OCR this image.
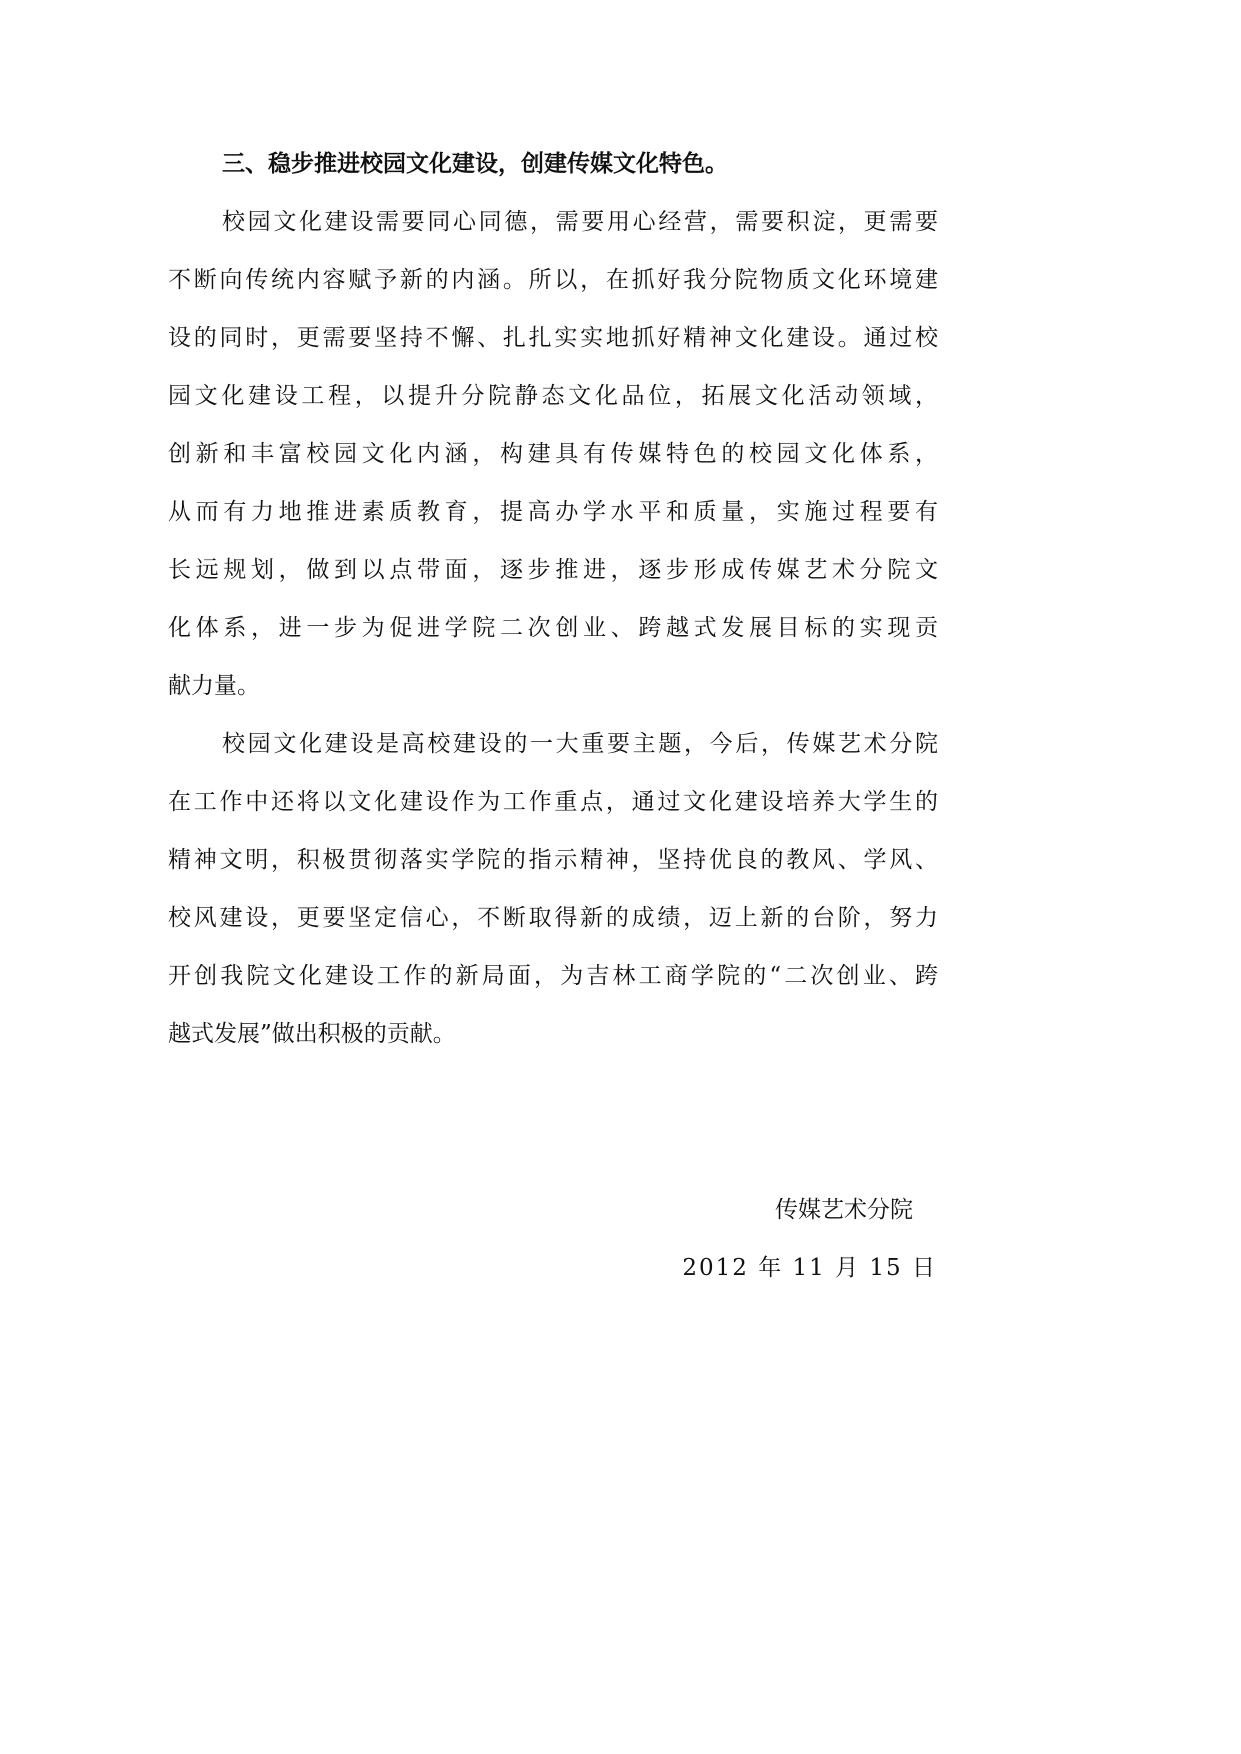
三、稳步推进校园文化建设，创建传媒文化特色。
校园文化建设需要同心同德，需要用心经营，需要积淀，更需要
不断向传统内容赋予新的内涵。所以，在抓好我分院物质文化环境建
设的同时，更需要坚持不懈、扎扎实实地抓好精神文化建设。通过校
园文化建设工程，以提升分院静态文化品位，拓展文化活动领域，
创新和丰富校园文化内涵，构建具有传媒特色的校园文化体系，
从而有力地推进素质教育，提高办学水平和质量，实施过程要有
长远规划，做到以点带面，逐步推进，逐步形成传媒艺术分院文
化体系，进一步为促进学院二次创业、跨越式发展目标的实现贡
献力量。
校园文化建设是高校建设的一大重要主题，今后，传媒艺术分院
在工作中还将以文化建设作为工作重点，通过文化建设培养大学生的
精神文明，积极贯彻落实学院的指示精神，坚持优良的教风、学风、
校风建设，更要坚定信心，不断取得新的成绩，迈上新的台阶，努力
开创我院文化建设工作的新局面，为吉林工商学院的“二次创业、跨
越式发展”做出积极的贡献。
传媒艺术分院
2012 年 11 月 15 日
